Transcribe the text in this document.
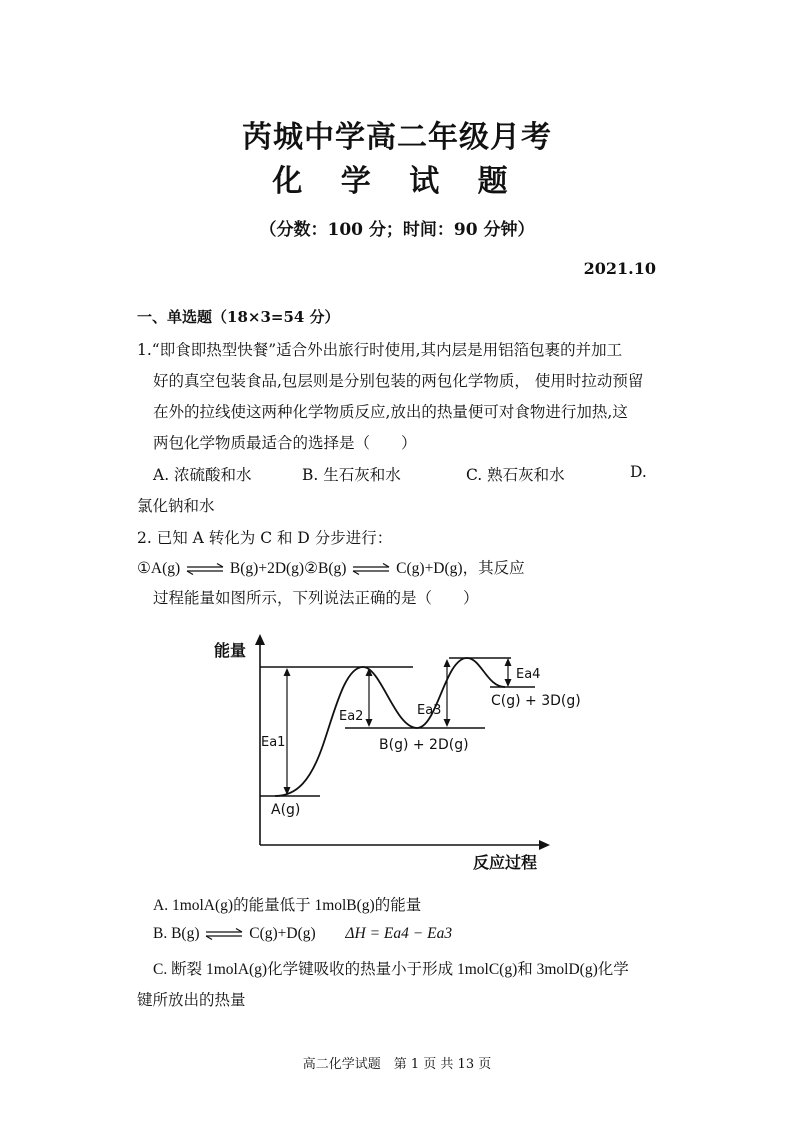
芮城中学高二年级月考
化 学 试 题
（分数：100 分；时间：90 分钟）
2021.10
一、单选题（18×3=54 分）
1.“即食即热型快餐”适合外出旅行时使用,其内层是用铝箔包裹的并加工
好的真空包装食品,包层则是分别包装的两包化学物质， 使用时拉动预留
在外的拉线使这两种化学物质反应,放出的热量便可对食物进行加热,这
两包化学物质最适合的选择是（　　）
A. 浓硫酸和水	B. 生石灰和水	C. 熟石灰和水	D.
氯化钠和水
2. 已知 A 转化为 C 和 D 分步进行：
①A(g) ⇌ B(g)+2D(g)②B(g) ⇌ C(g)+D(g)，其反应
过程能量如图所示，下列说法正确的是（　　）
能量
反应过程
Ea1
Ea2	Ea3
Ea4
A(g)
B(g) + 2D(g)
C(g) + 3D(g)
A. 1molA(g)的能量低于 1molB(g)的能量
B. B(g) ⇌ C(g)+D(g) ΔH = Ea4 − Ea3
C. 断裂 1molA(g)化学键吸收的热量小于形成 1molC(g)和 3molD(g)化学
键所放出的热量
高二化学试题　第 1 页 共 13 页
